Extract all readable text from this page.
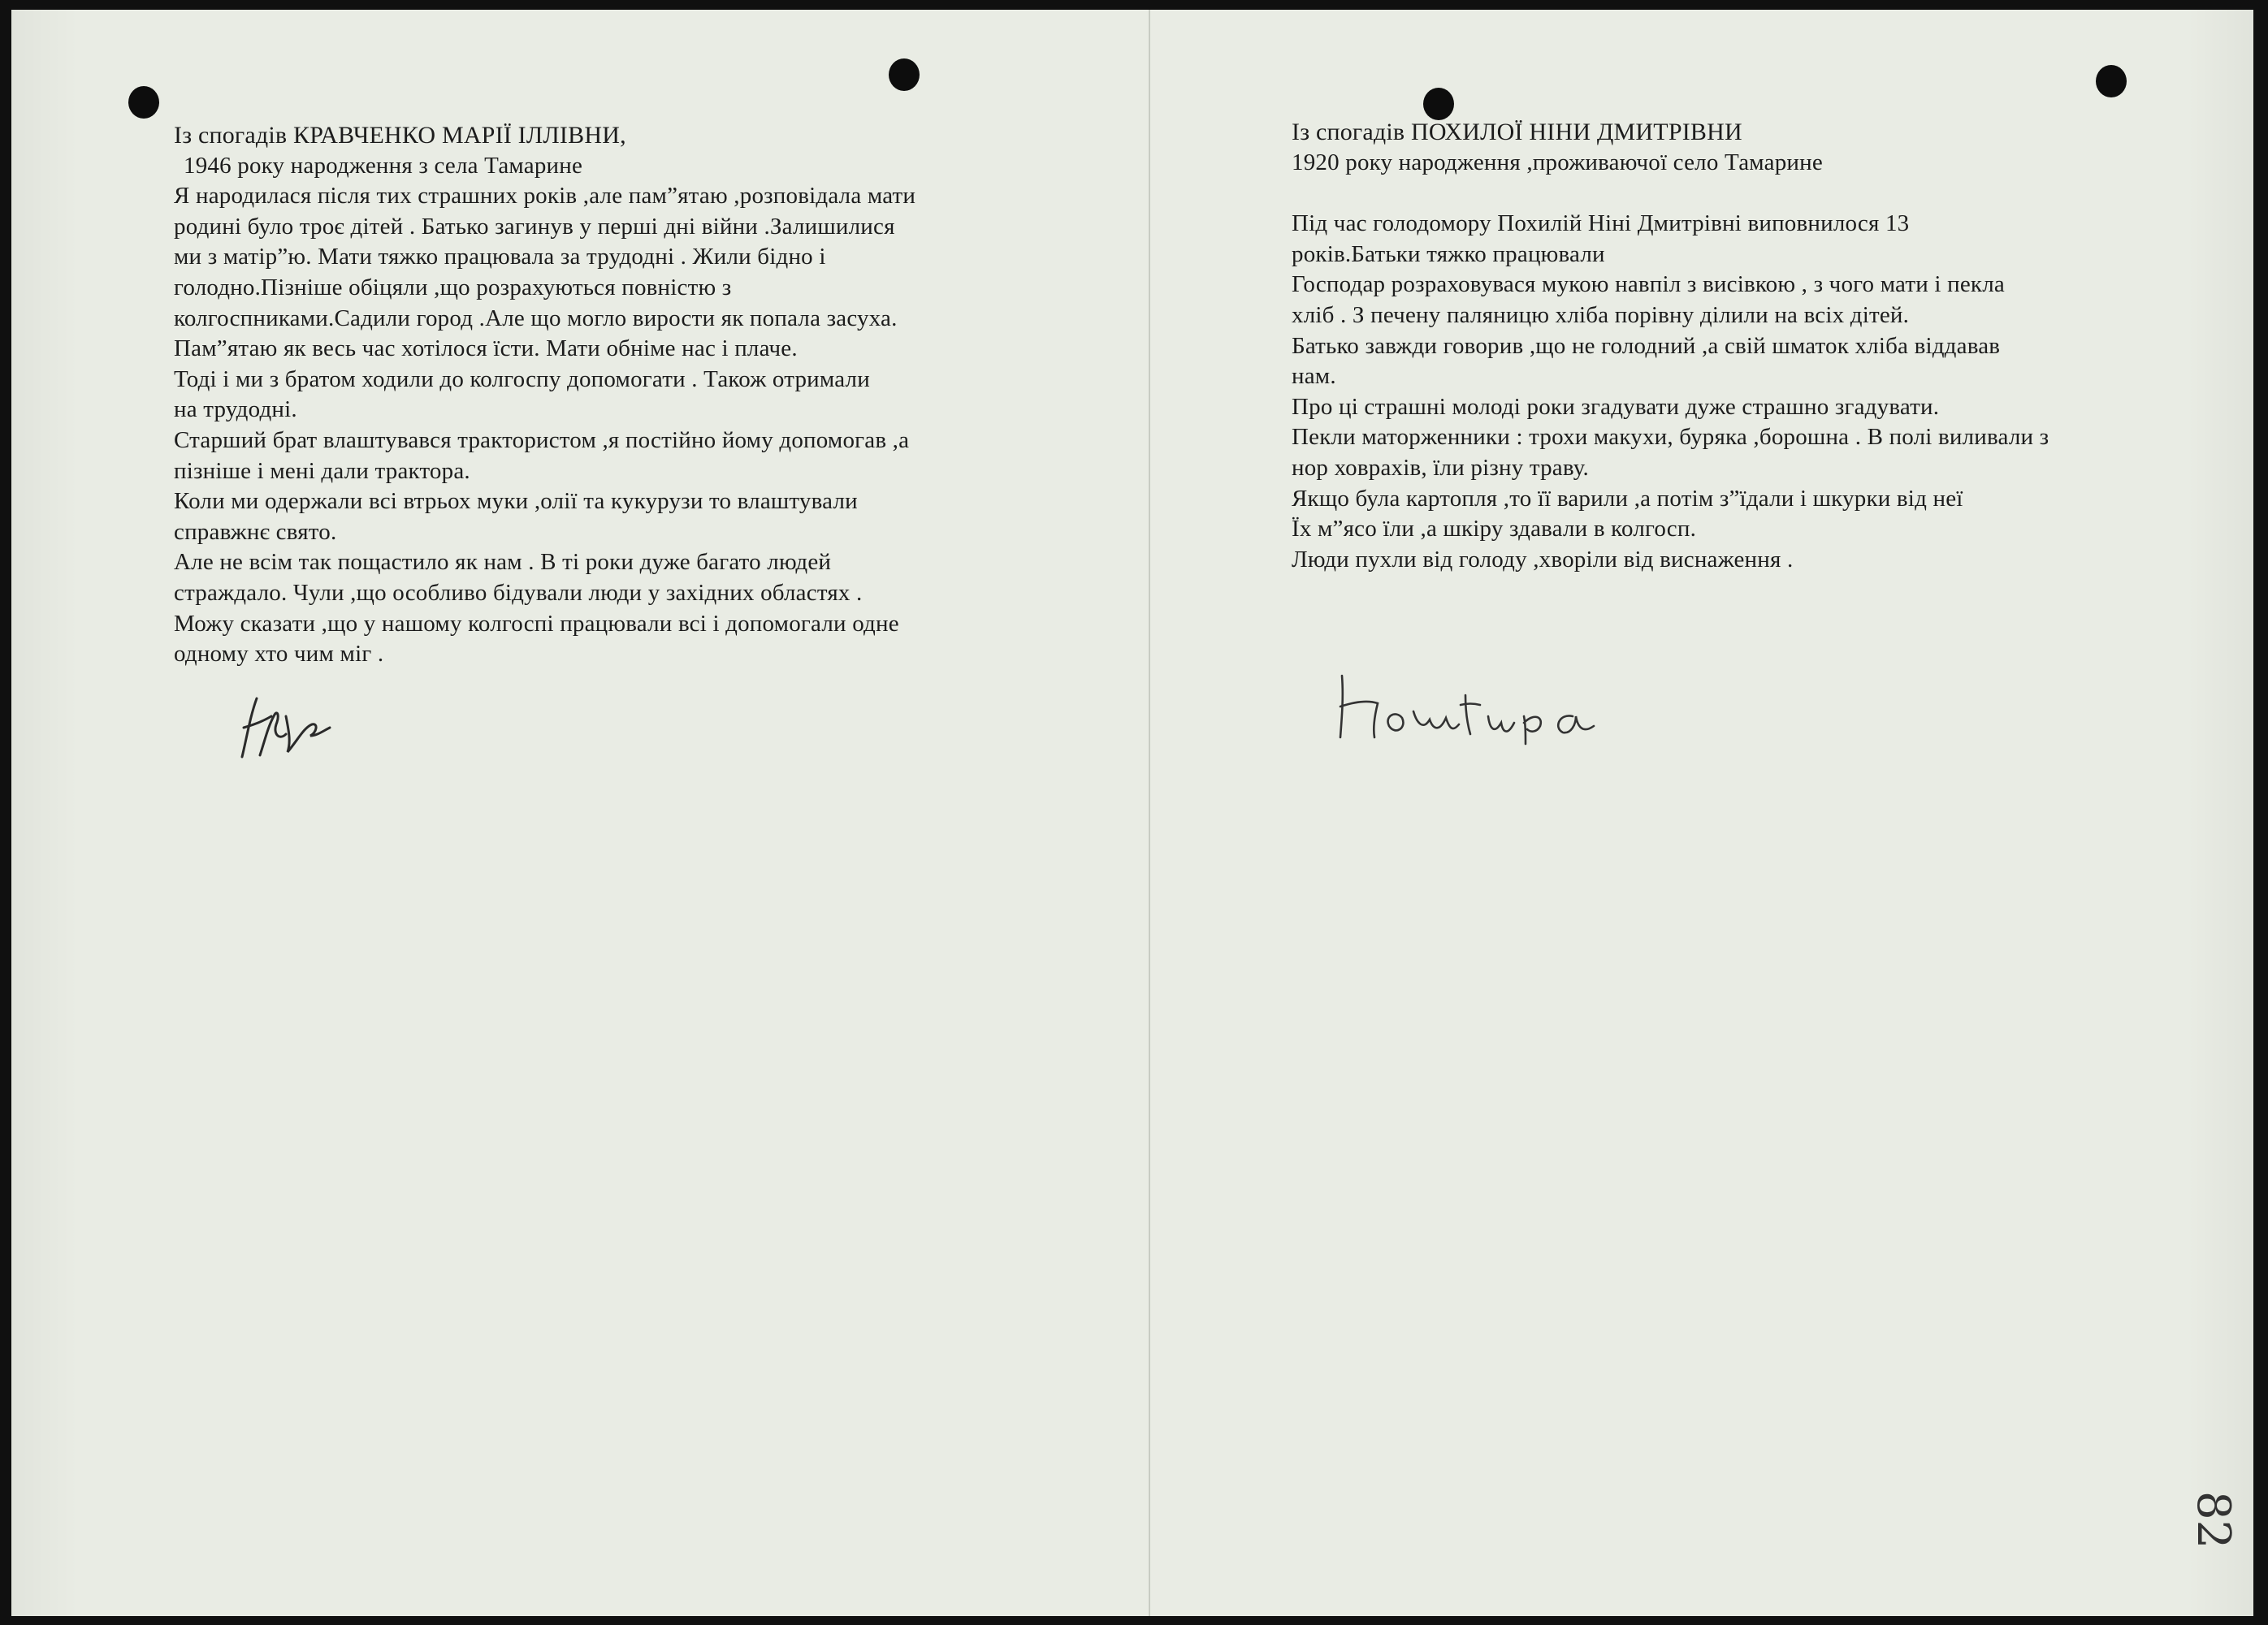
Із спогадів КРАВЧЕНКО МАРІЇ ІЛЛІВНИ,
1946 року народження з села Тамарине
Я народилася після тих страшних років ,але пам”ятаю ,розповідала мати
родині було троє дітей . Батько загинув у перші дні війни .Залишилися
ми з матір”ю. Мати тяжко працювала за трудодні . Жили бідно і
голодно.Пізніше обіцяли ,що розрахуються повністю з
колгоспниками.Садили город .Але що могло вирости як попала засуха.
Пам”ятаю як весь час хотілося їсти. Мати обніме нас і плаче.
Тоді і ми з братом ходили до колгоспу допомогати . Також отримали
на трудодні.
Старший брат влаштувався трактористом ,я постійно йому допомогав ,а
пізніше і мені дали трактора.
Коли ми одержали всі втрьох муки ,олії та кукурузи то влаштували
справжнє свято.
Але не всім так пощастило як нам . В ті роки дуже багато людей
страждало. Чули ,що особливо бідували люди у західних областях .
Можу сказати ,що у нашому колгоспі працювали всі і допомогали одне
одному хто чим міг .
Із спогадів ПОХИЛОЇ НІНИ ДМИТРІВНИ
1920 року народження ,проживаючої село Тамарине
Під час голодомору Похилій Ніні Дмитрівні виповнилося 13
років.Батьки тяжко працювали
Господар розраховувася мукою навпіл з висівкою , з чого мати і пекла
хліб . З печену паляницю хліба порівну ділили на всіх дітей.
Батько завжди говорив ,що не голодний ,а свій шматок хліба віддавав
нам.
Про ці страшні молоді роки згадувати дуже страшно згадувати.
Пекли маторженники : трохи макухи, буряка ,борошна . В полі виливали з
нор ховрахів, їли різну траву.
Якщо була картопля ,то її варили ,а потім з”їдали і шкурки від неї
Їх м”ясо їли ,а шкіру здавали в колгосп.
Люди пухли від голоду ,хворіли від виснаження .
82
